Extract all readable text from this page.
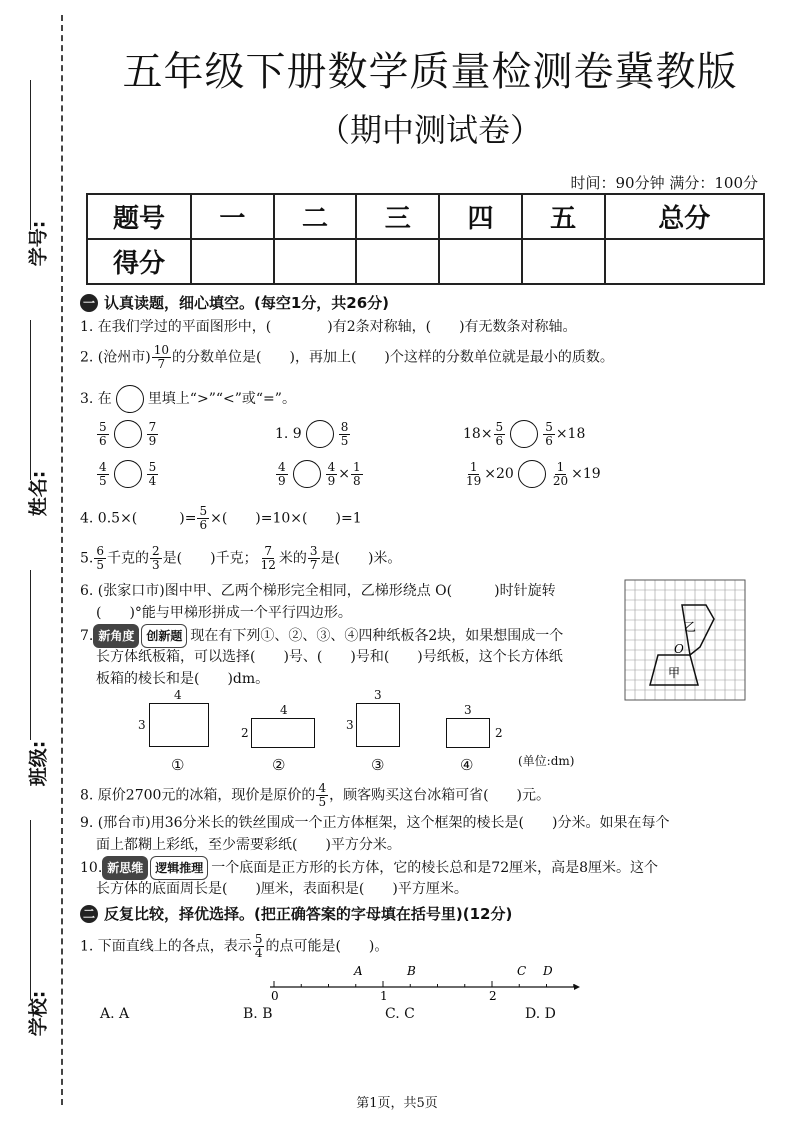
学号:
姓名:
班级:
学校:
五年级下册数学质量检测卷冀教版
（期中测试卷）
时间：90分钟 满分：100分
题号	一	二	三	四	五	总分
得分						
一 认真读题，细心填空。(每空1分，共26分)
1. 在我们学过的平面图形中，(　　　　)有2条对称轴，(　　)有无数条对称轴。
2. (沧州市) $\frac{10}{7}$ 的分数单位是(　　)，再加上(　　)个这样的分数单位就是最小的质数。
3. 在	里填上“>”“<”或“=”。
$\frac{5}{6}$	$\frac{7}{9}$	1. 9	$\frac{8}{5}$	$18\times \frac{5}{6}$	$\frac{5}{6} \times 18$
$\frac{4}{5}$	$\frac{5}{4}$	$\frac{4}{9}$	$\frac{4}{9} \times \frac{1}{8}$	$\frac{1}{19} \times 20$	$\frac{1}{20} \times 19$
4. 0.5×(　　　)= $\frac{5}{6}$ ×(　　)=10×(　　)=1
5. $\frac{6}{5}$ 千克的 $\frac{2}{3}$ 是(　　)千克； $\frac{7}{12}$ 米的 $\frac{3}{7}$ 是(　　)米。
6. (张家口市)图中甲、乙两个梯形完全相同，乙梯形绕点 O(　　　)时针旋转
(　　)°能与甲梯形拼成一个平行四边形。
乙
甲
O
7. 新角度 创新题 现在有下列①、②、③、④四种纸板各2块，如果想围成一个
长方体纸板箱，可以选择(　　)号、(　　)号和(　　)号纸板，这个长方体纸
板箱的棱长和是(　　)dm。
4
3
①
4
2
②
3
3
③
3
2
④	(单位:dm)
8. 原价2700元的冰箱，现价是原价的 $\frac{4}{5}$ ，顾客购买这台冰箱可省(　　)元。
9. (邢台市)用36分米长的铁丝围成一个正方体框架，这个框架的棱长是(　　)分米。如果在每个
面上都糊上彩纸，至少需要彩纸(　　)平方分米。
10. 新思维 逻辑推理 一个底面是正方形的长方体，它的棱长总和是72厘米，高是8厘米。这个
长方体的底面周长是(　　)厘米，表面积是(　　)平方厘米。
二 反复比较，择优选择。(把正确答案的字母填在括号里)(12分)
1. 下面直线上的各点，表示 $\frac{5}{4}$ 的点可能是(　　)。
0	1	2
A	B	C D
A. A	B. B	C. C	D. D
第1页，共5页
